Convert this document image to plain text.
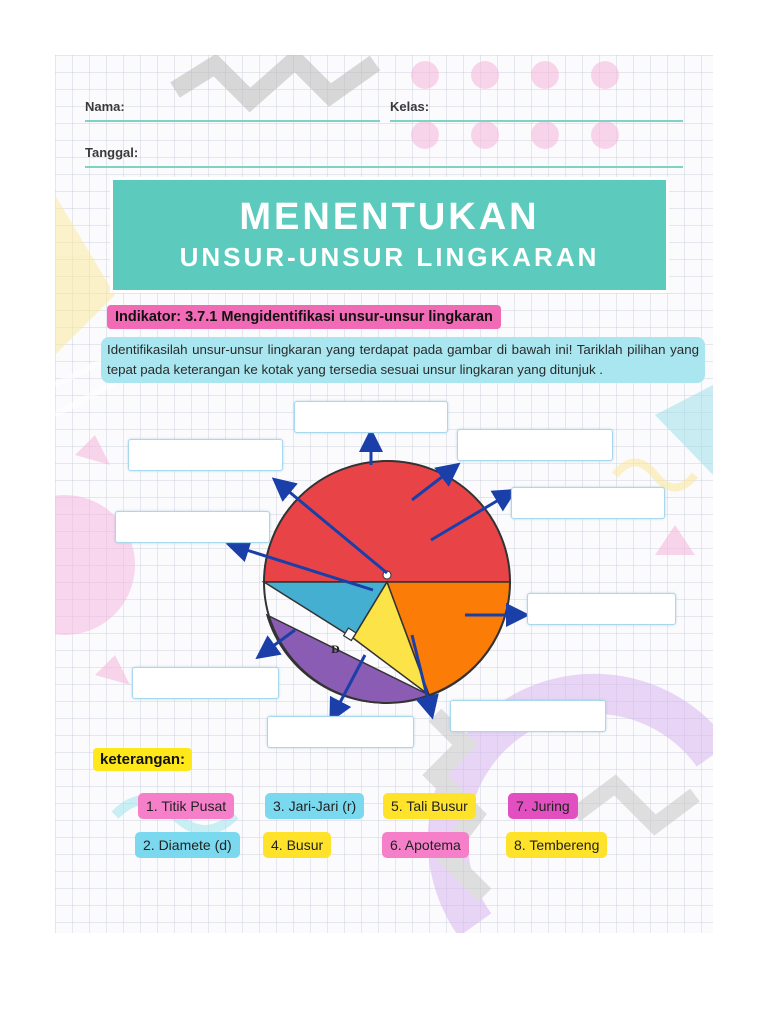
Nama:	Kelas:
Tanggal:
MENENTUKAN
UNSUR-UNSUR LINGKARAN
Indikator: 3.7.1 Mengidentifikasi unsur-unsur lingkaran
Identifikasilah unsur-unsur lingkaran yang terdapat pada gambar di bawah ini! Tariklah pilihan yang tepat pada keterangan ke kotak yang tersedia sesuai unsur lingkaran yang ditunjuk .
D
keterangan:
1. Titik Pusat	3. Jari-Jari (r)	5. Tali Busur	7. Juring
2. Diamete (d)	4. Busur	6. Apotema	8. Tembereng
